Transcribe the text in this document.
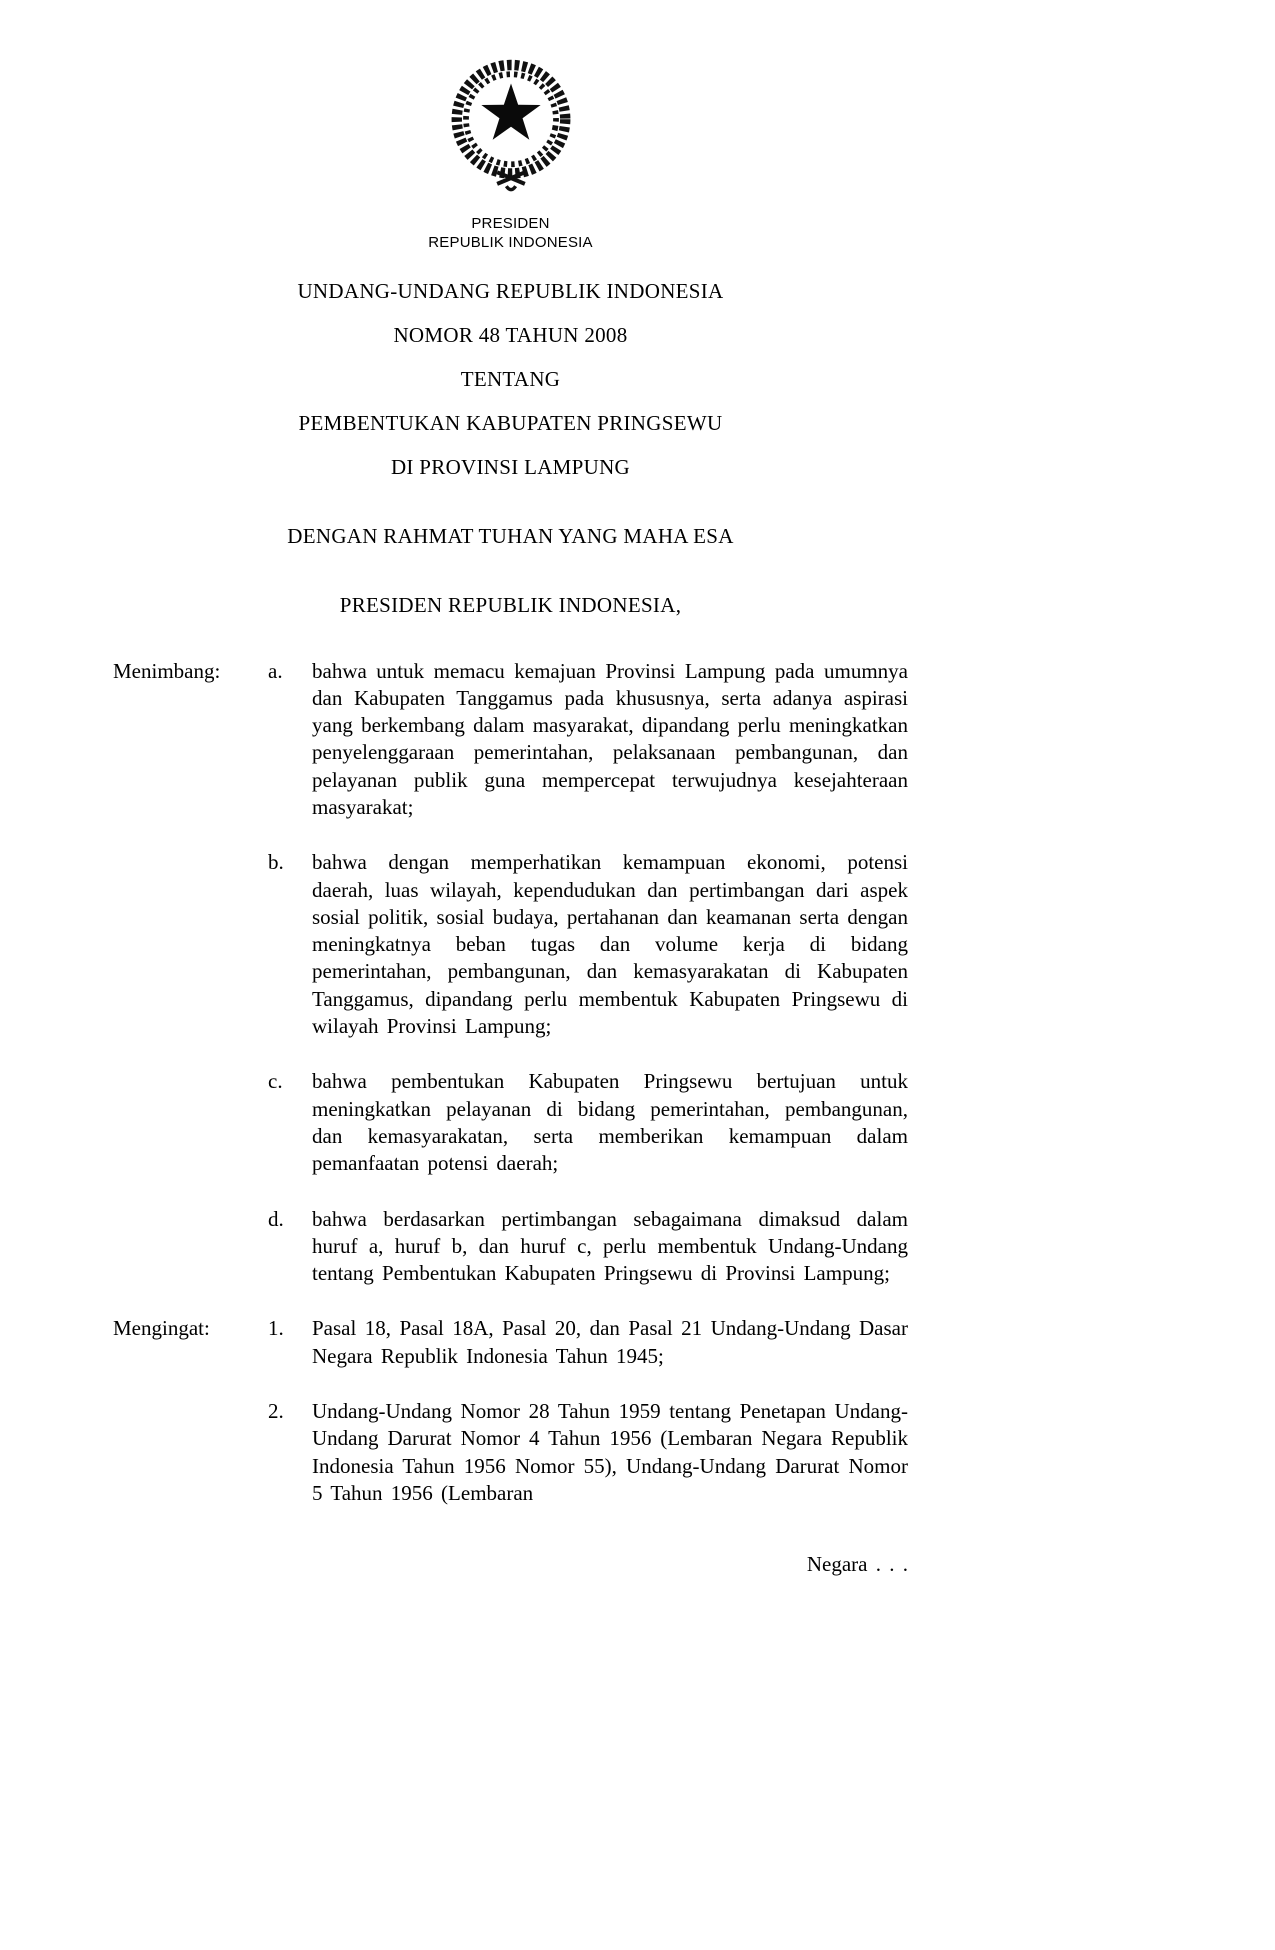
PRESIDEN
REPUBLIK INDONESIA

UNDANG-UNDANG REPUBLIK INDONESIA

NOMOR 48 TAHUN 2008

TENTANG

PEMBENTUKAN KABUPATEN PRINGSEWU

DI PROVINSI LAMPUNG

DENGAN RAHMAT TUHAN YANG MAHA ESA

PRESIDEN REPUBLIK INDONESIA,

Menimbang:	a.	bahwa untuk memacu kemajuan Provinsi Lampung pada umumnya dan Kabupaten Tanggamus pada khususnya, serta adanya aspirasi yang berkembang dalam masyarakat, dipandang perlu meningkatkan penyelenggaraan pemerintahan, pelaksanaan pembangunan, dan pelayanan publik guna mempercepat terwujudnya kesejahteraan masyarakat;
b.	bahwa dengan memperhatikan kemampuan ekonomi, potensi daerah, luas wilayah, kependudukan dan pertimbangan dari aspek sosial politik, sosial budaya, pertahanan dan keamanan serta dengan meningkatnya beban tugas dan volume kerja di bidang pemerintahan, pembangunan, dan kemasyarakatan di Kabupaten Tanggamus, dipandang perlu membentuk Kabupaten Pringsewu di wilayah Provinsi Lampung;
c.	bahwa pembentukan Kabupaten Pringsewu bertujuan untuk meningkatkan pelayanan di bidang pemerintahan, pembangunan, dan kemasyarakatan, serta memberikan kemampuan dalam pemanfaatan potensi daerah;
d.	bahwa berdasarkan pertimbangan sebagaimana dimaksud dalam huruf a, huruf b, dan huruf c, perlu membentuk Undang-Undang tentang Pembentukan Kabupaten Pringsewu di Provinsi Lampung;
Mengingat:	1.	Pasal 18, Pasal 18A, Pasal 20, dan Pasal 21 Undang-Undang Dasar Negara Republik Indonesia Tahun 1945;
2.	Undang-Undang Nomor 28 Tahun 1959 tentang Penetapan Undang-Undang Darurat Nomor 4 Tahun 1956 (Lembaran Negara Republik Indonesia Tahun 1956 Nomor 55), Undang-Undang Darurat Nomor 5 Tahun 1956 (Lembaran
Negara . . .
